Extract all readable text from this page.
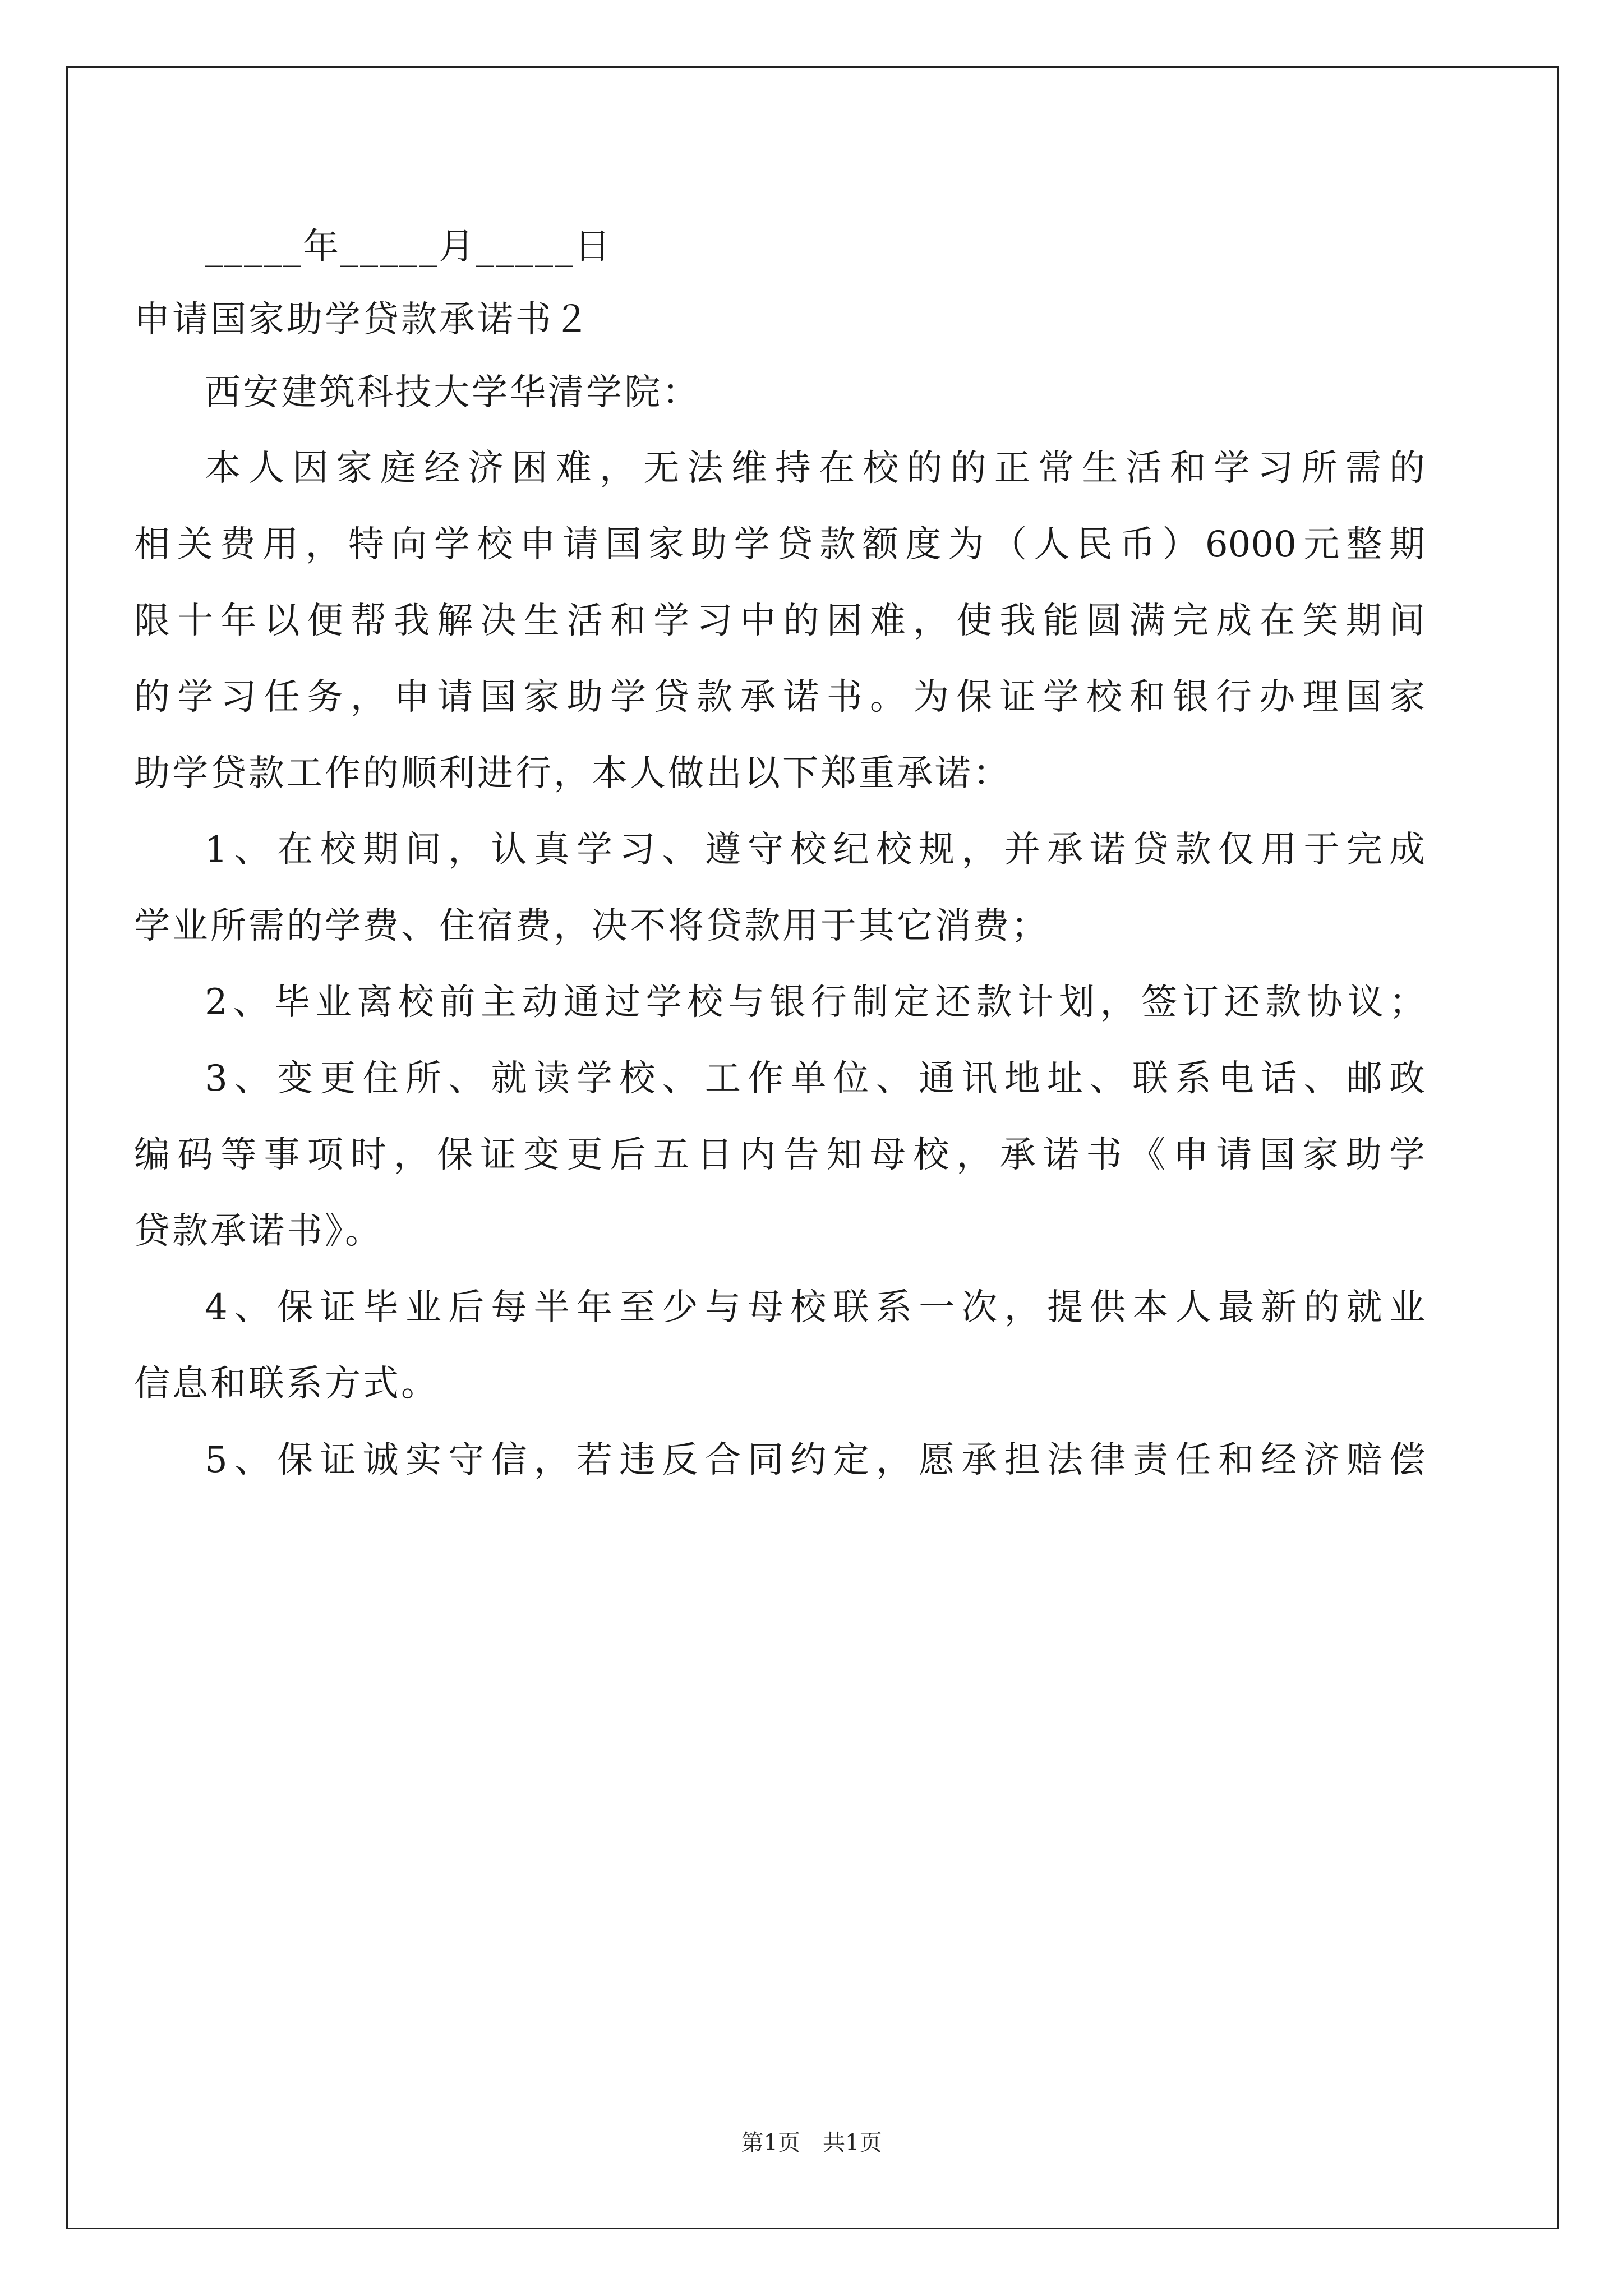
_____年_____月_____日
申请国家助学贷款承诺书２
西安建筑科技大学华清学院：
本人因家庭经济困难，无法维持在校的的正常生活和学习所需的
相关费用，特向学校申请国家助学贷款额度为（人民币）6000元整期
限十年以便帮我解决生活和学习中的困难，使我能圆满完成在笑期间
的学习任务，申请国家助学贷款承诺书。为保证学校和银行办理国家
助学贷款工作的顺利进行，本人做出以下郑重承诺：
1、在校期间，认真学习、遵守校纪校规，并承诺贷款仅用于完成
学业所需的学费、住宿费，决不将贷款用于其它消费；
2、毕业离校前主动通过学校与银行制定还款计划，签订还款协议；
3、变更住所、就读学校、工作单位、通讯地址、联系电话、邮政
编码等事项时，保证变更后五日内告知母校，承诺书《申请国家助学
贷款承诺书》。
4、保证毕业后每半年至少与母校联系一次，提供本人最新的就业
信息和联系方式。
5、保证诚实守信，若违反合同约定，愿承担法律责任和经济赔偿
第1页　共1页
